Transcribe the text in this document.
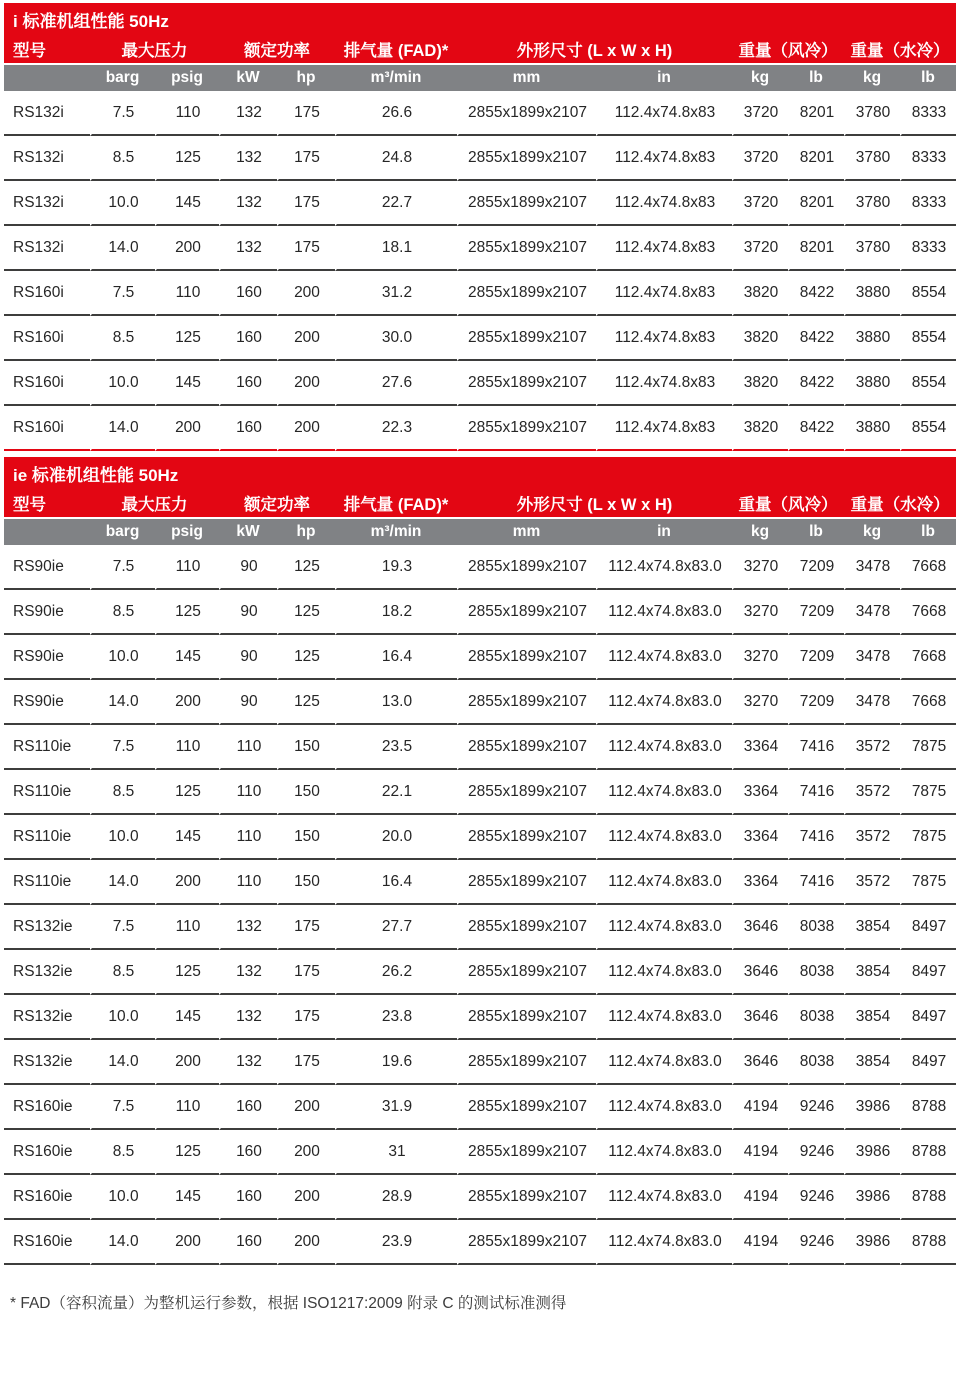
i 标准机组性能 50Hz											
型号	最大压力		额定功率		排气量 (FAD)*	外形尺寸 (L x W x H)		重量（风冷）		重量（水冷）	
	barg	psig	kW	hp	m³/min	mm	in	kg	lb	kg	lb
RS132i	7.5	110	132	175	26.6	2855x1899x2107	112.4x74.8x83	3720	8201	3780	8333
RS132i	8.5	125	132	175	24.8	2855x1899x2107	112.4x74.8x83	3720	8201	3780	8333
RS132i	10.0	145	132	175	22.7	2855x1899x2107	112.4x74.8x83	3720	8201	3780	8333
RS132i	14.0	200	132	175	18.1	2855x1899x2107	112.4x74.8x83	3720	8201	3780	8333
RS160i	7.5	110	160	200	31.2	2855x1899x2107	112.4x74.8x83	3820	8422	3880	8554
RS160i	8.5	125	160	200	30.0	2855x1899x2107	112.4x74.8x83	3820	8422	3880	8554
RS160i	10.0	145	160	200	27.6	2855x1899x2107	112.4x74.8x83	3820	8422	3880	8554
RS160i	14.0	200	160	200	22.3	2855x1899x2107	112.4x74.8x83	3820	8422	3880	8554
ie 标准机组性能 50Hz											
型号	最大压力		额定功率		排气量 (FAD)*	外形尺寸 (L x W x H)		重量（风冷）		重量（水冷）	
	barg	psig	kW	hp	m³/min	mm	in	kg	lb	kg	lb
RS90ie	7.5	110	90	125	19.3	2855x1899x2107	112.4x74.8x83.0	3270	7209	3478	7668
RS90ie	8.5	125	90	125	18.2	2855x1899x2107	112.4x74.8x83.0	3270	7209	3478	7668
RS90ie	10.0	145	90	125	16.4	2855x1899x2107	112.4x74.8x83.0	3270	7209	3478	7668
RS90ie	14.0	200	90	125	13.0	2855x1899x2107	112.4x74.8x83.0	3270	7209	3478	7668
RS110ie	7.5	110	110	150	23.5	2855x1899x2107	112.4x74.8x83.0	3364	7416	3572	7875
RS110ie	8.5	125	110	150	22.1	2855x1899x2107	112.4x74.8x83.0	3364	7416	3572	7875
RS110ie	10.0	145	110	150	20.0	2855x1899x2107	112.4x74.8x83.0	3364	7416	3572	7875
RS110ie	14.0	200	110	150	16.4	2855x1899x2107	112.4x74.8x83.0	3364	7416	3572	7875
RS132ie	7.5	110	132	175	27.7	2855x1899x2107	112.4x74.8x83.0	3646	8038	3854	8497
RS132ie	8.5	125	132	175	26.2	2855x1899x2107	112.4x74.8x83.0	3646	8038	3854	8497
RS132ie	10.0	145	132	175	23.8	2855x1899x2107	112.4x74.8x83.0	3646	8038	3854	8497
RS132ie	14.0	200	132	175	19.6	2855x1899x2107	112.4x74.8x83.0	3646	8038	3854	8497
RS160ie	7.5	110	160	200	31.9	2855x1899x2107	112.4x74.8x83.0	4194	9246	3986	8788
RS160ie	8.5	125	160	200	31	2855x1899x2107	112.4x74.8x83.0	4194	9246	3986	8788
RS160ie	10.0	145	160	200	28.9	2855x1899x2107	112.4x74.8x83.0	4194	9246	3986	8788
RS160ie	14.0	200	160	200	23.9	2855x1899x2107	112.4x74.8x83.0	4194	9246	3986	8788

* FAD（容积流量）为整机运行参数，根据 ISO1217:2009 附录 C 的测试标准测得
